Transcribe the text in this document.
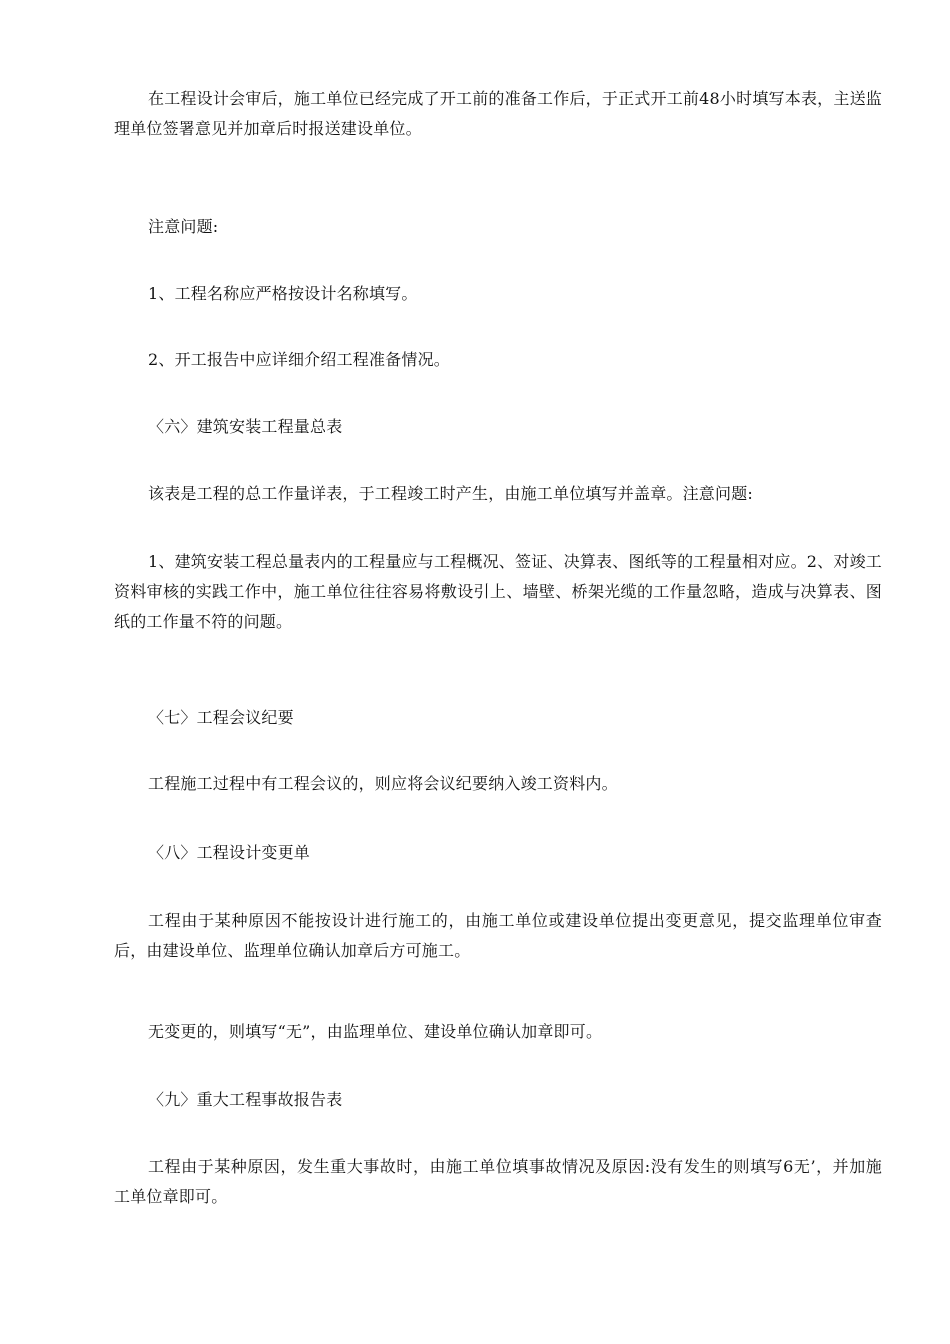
在工程设计会审后，施工单位已经完成了开工前的准备工作后，于正式开工前48小时填写本表，主送监理单位签署意见并加章后时报送建设单位。

注意问题:

1、工程名称应严格按设计名称填写。

2、开工报告中应详细介绍工程准备情况。

〈六〉建筑安装工程量总表

该表是工程的总工作量详表，于工程竣工时产生，由施工单位填写并盖章。注意问题:

1、建筑安装工程总量表内的工程量应与工程概况、签证、决算表、图纸等的工程量相对应。2、对竣工资料审核的实践工作中，施工单位往往容易将敷设引上、墙壁、桥架光缆的工作量忽略，造成与决算表、图纸的工作量不符的问题。

〈七〉工程会议纪要

工程施工过程中有工程会议的，则应将会议纪要纳入竣工资料内。

〈八〉工程设计变更单

工程由于某种原因不能按设计进行施工的，由施工单位或建设单位提出变更意见，提交监理单位审查后，由建设单位、监理单位确认加章后方可施工。

无变更的，则填写“无”，由监理单位、建设单位确认加章即可。

〈九〉重大工程事故报告表

工程由于某种原因，发生重大事故时，由施工单位填事故情况及原因:没有发生的则填写6无’，并加施工单位章即可。
